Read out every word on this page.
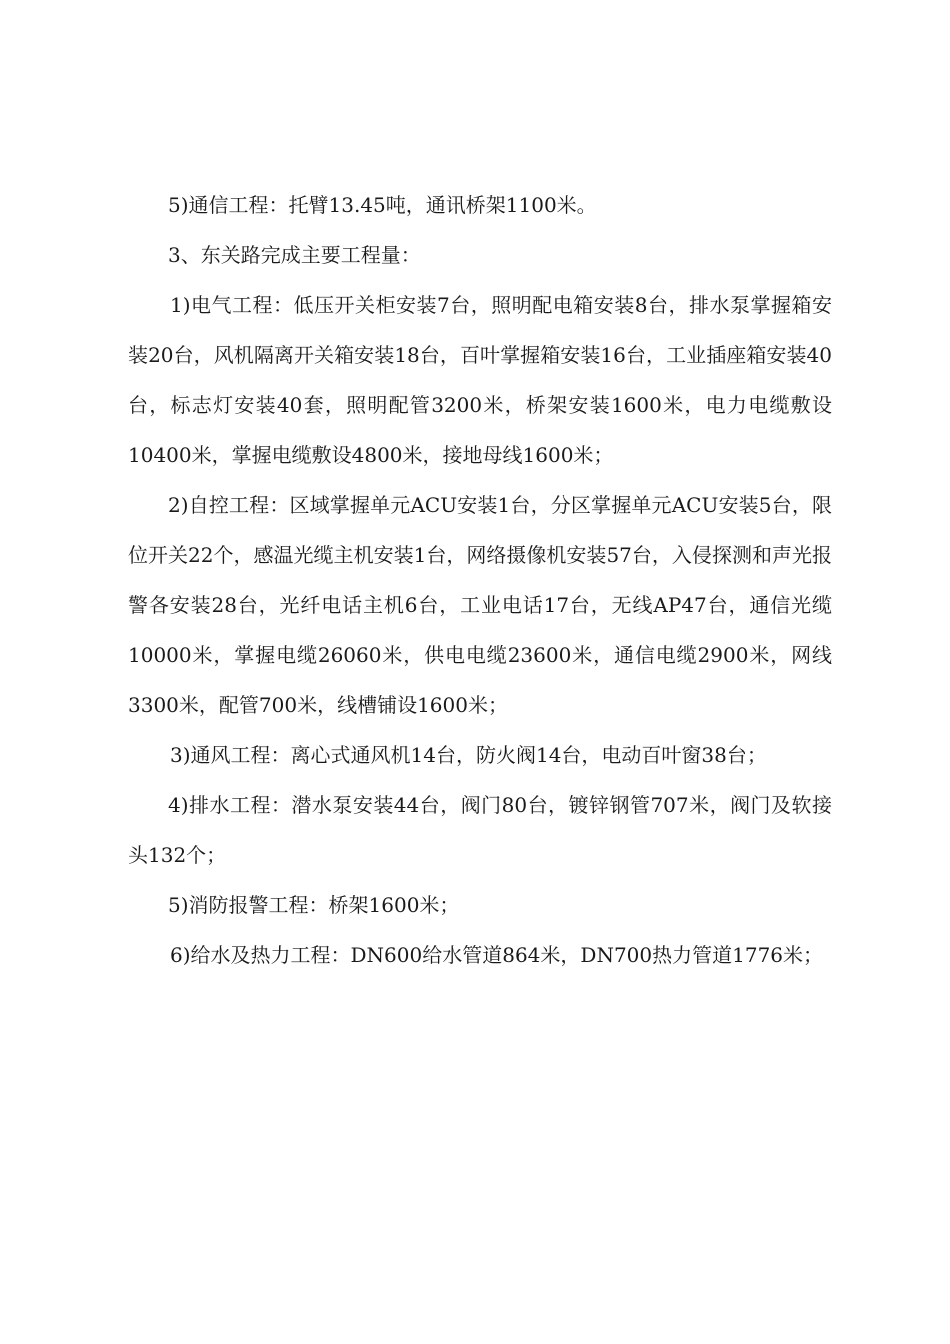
5)通信工程：托臂13.45吨，通讯桥架1100米。

3、东关路完成主要工程量：

1)电气工程：低压开关柜安装7台，照明配电箱安装8台，排水泵掌握箱安装20台，风机隔离开关箱安装18台，百叶掌握箱安装16台，工业插座箱安装40台，标志灯安装40套，照明配管3200米，桥架安装1600米，电力电缆敷设10400米，掌握电缆敷设4800米，接地母线1600米；

2)自控工程：区域掌握单元ACU安装1台，分区掌握单元ACU安装5台，限位开关22个，感温光缆主机安装1台，网络摄像机安装57台，入侵探测和声光报警各安装28台，光纤电话主机6台，工业电话17台，无线AP47台，通信光缆10000米，掌握电缆26060米，供电电缆23600米，通信电缆2900米，网线3300米，配管700米，线槽铺设1600米；

3)通风工程：离心式通风机14台，防火阀14台，电动百叶窗38台；

4)排水工程：潜水泵安装44台，阀门80台，镀锌钢管707米，阀门及软接头132个；

5)消防报警工程：桥架1600米；

6)给水及热力工程：DN600给水管道864米，DN700热力管道1776米；
